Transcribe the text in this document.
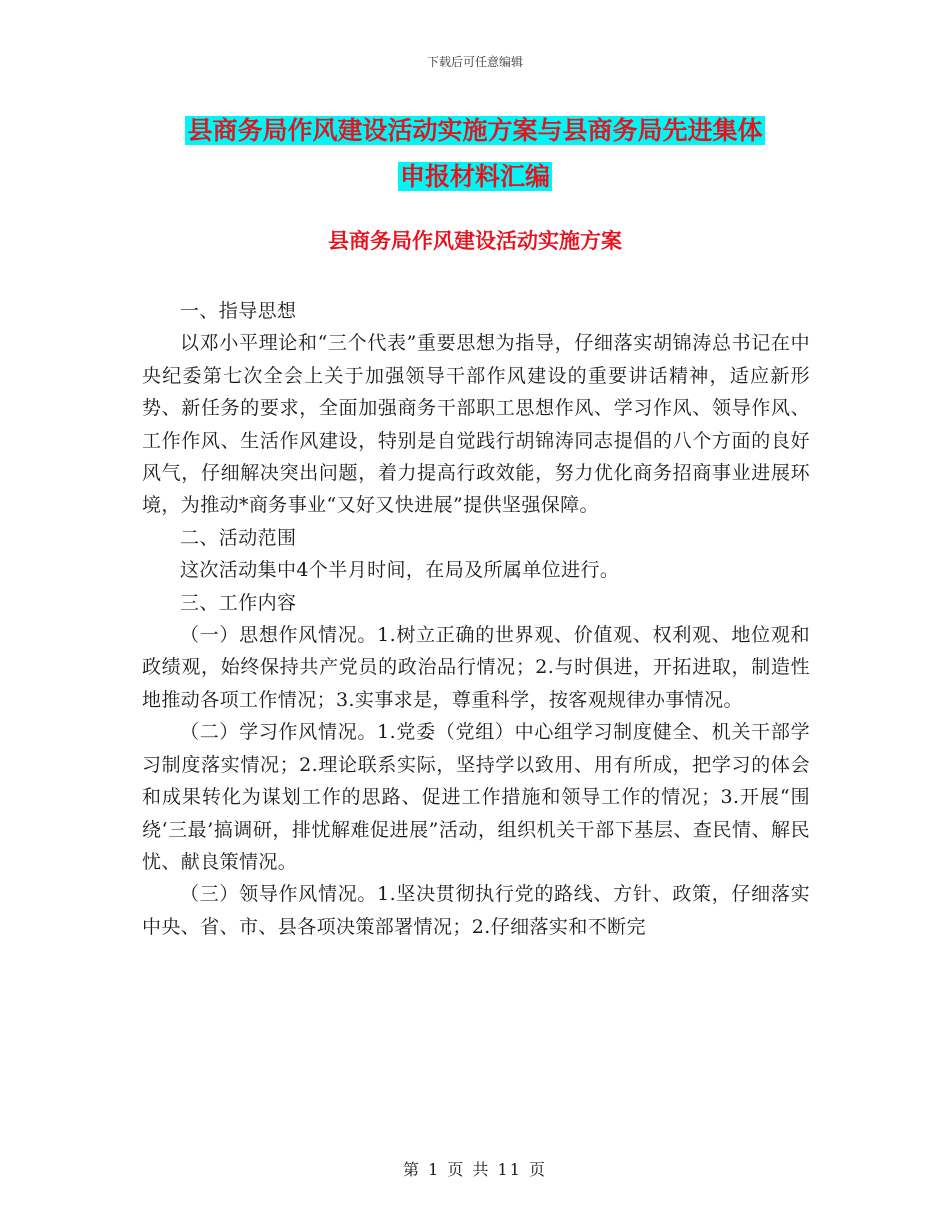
下载后可任意编辑
县商务局作风建设活动实施方案与县商务局先进集体
申报材料汇编
县商务局作风建设活动实施方案

一、指导思想

以邓小平理论和“三个代表”重要思想为指导，仔细落实胡锦涛总书记在中央纪委第七次全会上关于加强领导干部作风建设的重要讲话精神，适应新形势、新任务的要求，全面加强商务干部职工思想作风、学习作风、领导作风、工作作风、生活作风建设，特别是自觉践行胡锦涛同志提倡的八个方面的良好风气，仔细解决突出问题，着力提高行政效能，努力优化商务招商事业进展环境，为推动*商务事业“又好又快进展”提供坚强保障。

二、活动范围

这次活动集中4个半月时间，在局及所属单位进行。

三、工作内容

（一）思想作风情况。1.树立正确的世界观、价值观、权利观、地位观和政绩观，始终保持共产党员的政治品行情况；2.与时俱进，开拓进取，制造性地推动各项工作情况；3.实事求是，尊重科学，按客观规律办事情况。

（二）学习作风情况。1.党委（党组）中心组学习制度健全、机关干部学习制度落实情况；2.理论联系实际，坚持学以致用、用有所成，把学习的体会和成果转化为谋划工作的思路、促进工作措施和领导工作的情况；3.开展“围绕‘三最’搞调研，排忧解难促进展”活动，组织机关干部下基层、查民情、解民忧、献良策情况。

（三）领导作风情况。1.坚决贯彻执行党的路线、方针、政策，仔细落实中央、省、市、县各项决策部署情况；2.仔细落实和不断完

第 1 页 共 11 页
